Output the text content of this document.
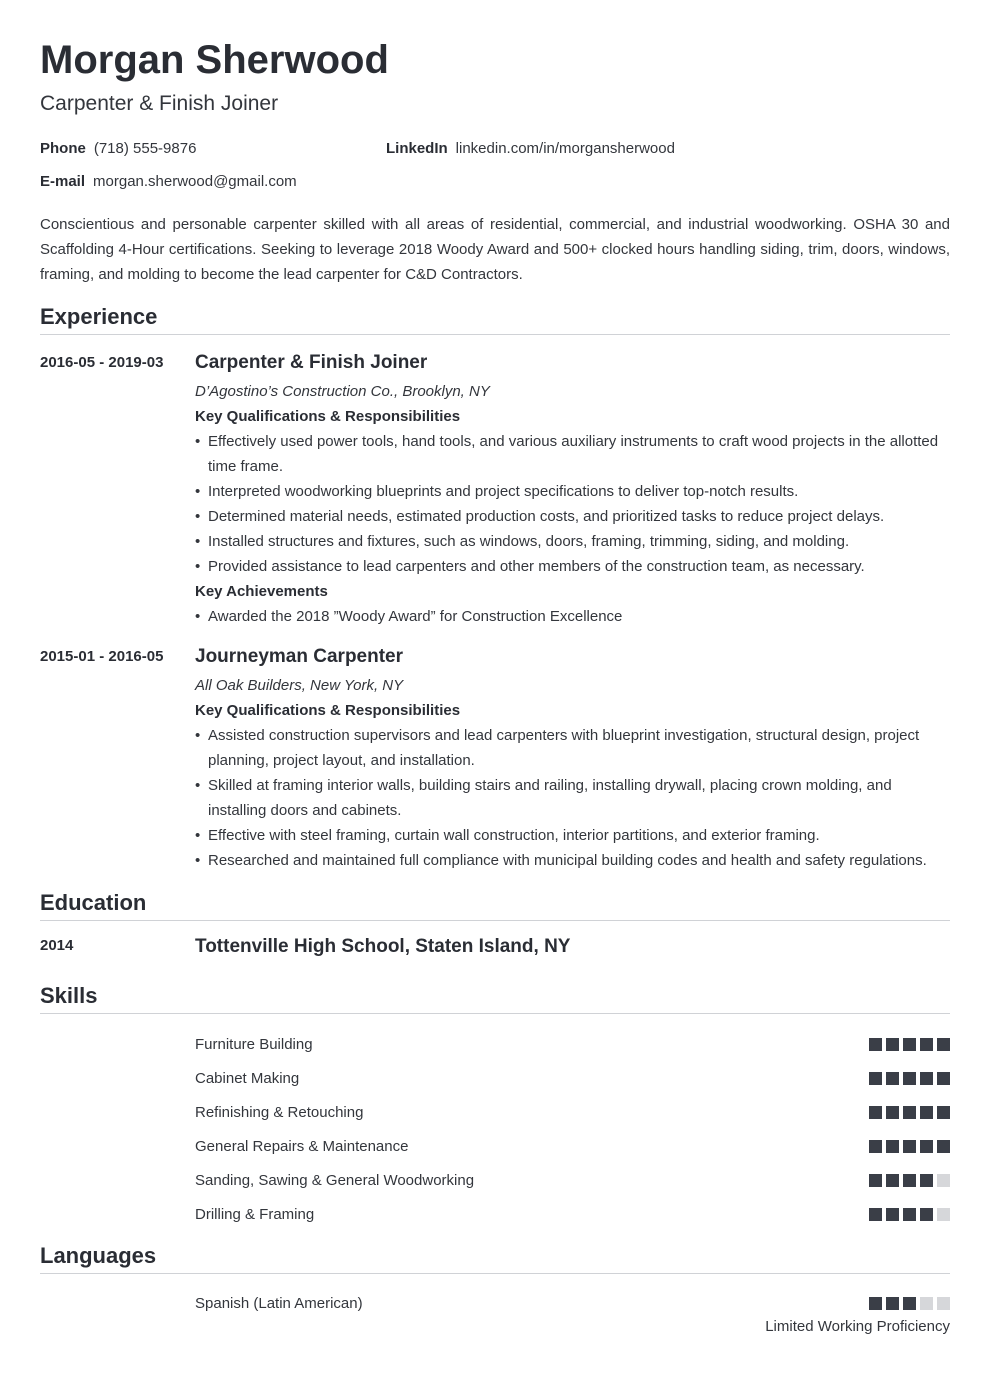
Morgan Sherwood
Carpenter & Finish Joiner
Phone (718) 555-9876	LinkedIn linkedin.com/in/morgansherwood
E-mail morgan.sherwood@gmail.com
Conscientious and personable carpenter skilled with all areas of residential, commercial, and industrial woodworking. OSHA 30 and Scaffolding 4-Hour certifications. Seeking to leverage 2018 Woody Award and 500+ clocked hours handling siding, trim, doors, windows, framing, and molding to become the lead carpenter for C&D Contractors.
Experience
2016-05 - 2019-03	Carpenter & Finish Joiner
D’Agostino’s Construction Co., Brooklyn, NY
Key Qualifications & Responsibilities
• Effectively used power tools, hand tools, and various auxiliary instruments to craft wood projects in the allotted time frame.
• Interpreted woodworking blueprints and project specifications to deliver top-notch results.
• Determined material needs, estimated production costs, and prioritized tasks to reduce project delays.
• Installed structures and fixtures, such as windows, doors, framing, trimming, siding, and molding.
• Provided assistance to lead carpenters and other members of the construction team, as necessary.
Key Achievements
• Awarded the 2018 ”Woody Award” for Construction Excellence
2015-01 - 2016-05	Journeyman Carpenter
All Oak Builders, New York, NY
Key Qualifications & Responsibilities
• Assisted construction supervisors and lead carpenters with blueprint investigation, structural design, project planning, project layout, and installation.
• Skilled at framing interior walls, building stairs and railing, installing drywall, placing crown molding, and installing doors and cabinets.
• Effective with steel framing, curtain wall construction, interior partitions, and exterior framing.
• Researched and maintained full compliance with municipal building codes and health and safety regulations.
Education
2014	Tottenville High School, Staten Island, NY
Skills
Furniture Building
Cabinet Making
Refinishing & Retouching
General Repairs & Maintenance
Sanding, Sawing & General Woodworking
Drilling & Framing
Languages
Spanish (Latin American)
Limited Working Proficiency
